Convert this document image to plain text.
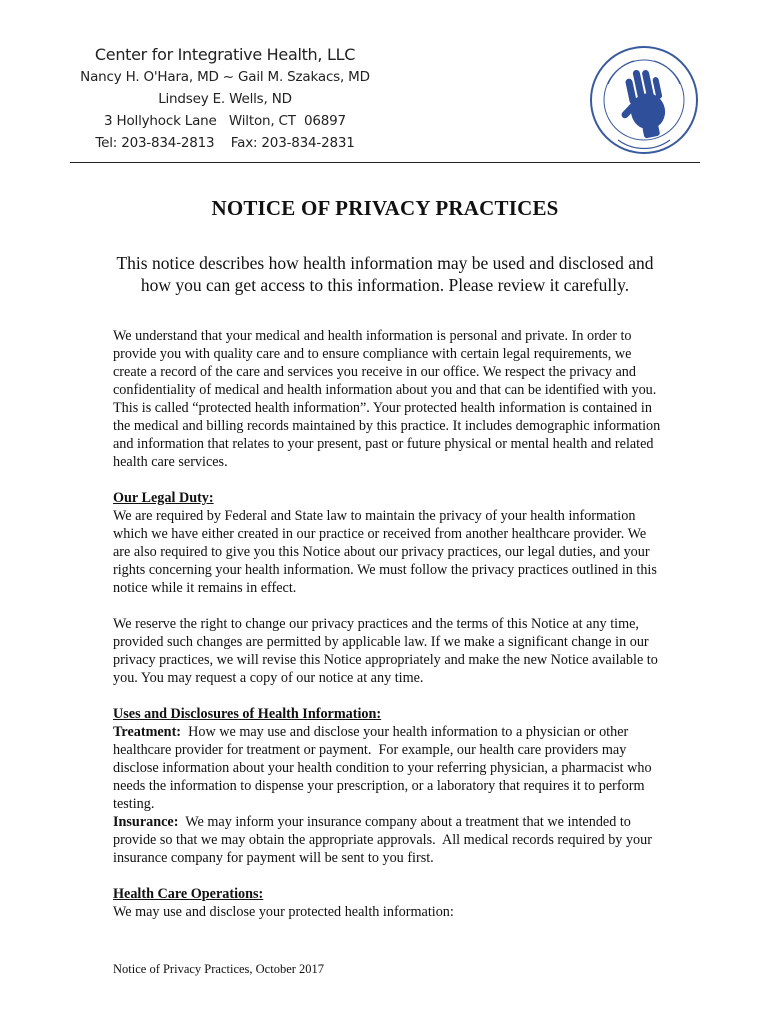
Center for Integrative Health, LLC
Nancy H. O'Hara, MD ~ Gail M. Szakacs, MD
Lindsey E. Wells, ND
3 Hollyhock Lane   Wilton, CT  06897
Tel: 203-834-2813    Fax: 203-834-2831
NOTICE OF PRIVACY PRACTICES
This notice describes how health information may be used and disclosed and how you can get access to this information. Please review it carefully.

We understand that your medical and health information is personal and private. In order to provide you with quality care and to ensure compliance with certain legal requirements, we create a record of the care and services you receive in our office. We respect the privacy and confidentiality of medical and health information about you and that can be identified with you. This is called “protected health information”. Your protected health information is contained in the medical and billing records maintained by this practice. It includes demographic information and information that relates to your present, past or future physical or mental health and related health care services.

Our Legal Duty:

We are required by Federal and State law to maintain the privacy of your health information which we have either created in our practice or received from another healthcare provider. We are also required to give you this Notice about our privacy practices, our legal duties, and your rights concerning your health information. We must follow the privacy practices outlined in this notice while it remains in effect.

We reserve the right to change our privacy practices and the terms of this Notice at any time, provided such changes are permitted by applicable law. If we make a significant change in our privacy practices, we will revise this Notice appropriately and make the new Notice available to you. You may request a copy of our notice at any time.

Uses and Disclosures of Health Information:

Treatment:  How we may use and disclose your health information to a physician or other healthcare provider for treatment or payment.  For example, our health care providers may disclose information about your health condition to your referring physician, a pharmacist who needs the information to dispense your prescription, or a laboratory that requires it to perform testing.

Insurance:  We may inform your insurance company about a treatment that we intended to provide so that we may obtain the appropriate approvals.  All medical records required by your insurance company for payment will be sent to you first.

Health Care Operations:

We may use and disclose your protected health information:

Notice of Privacy Practices, October 2017
